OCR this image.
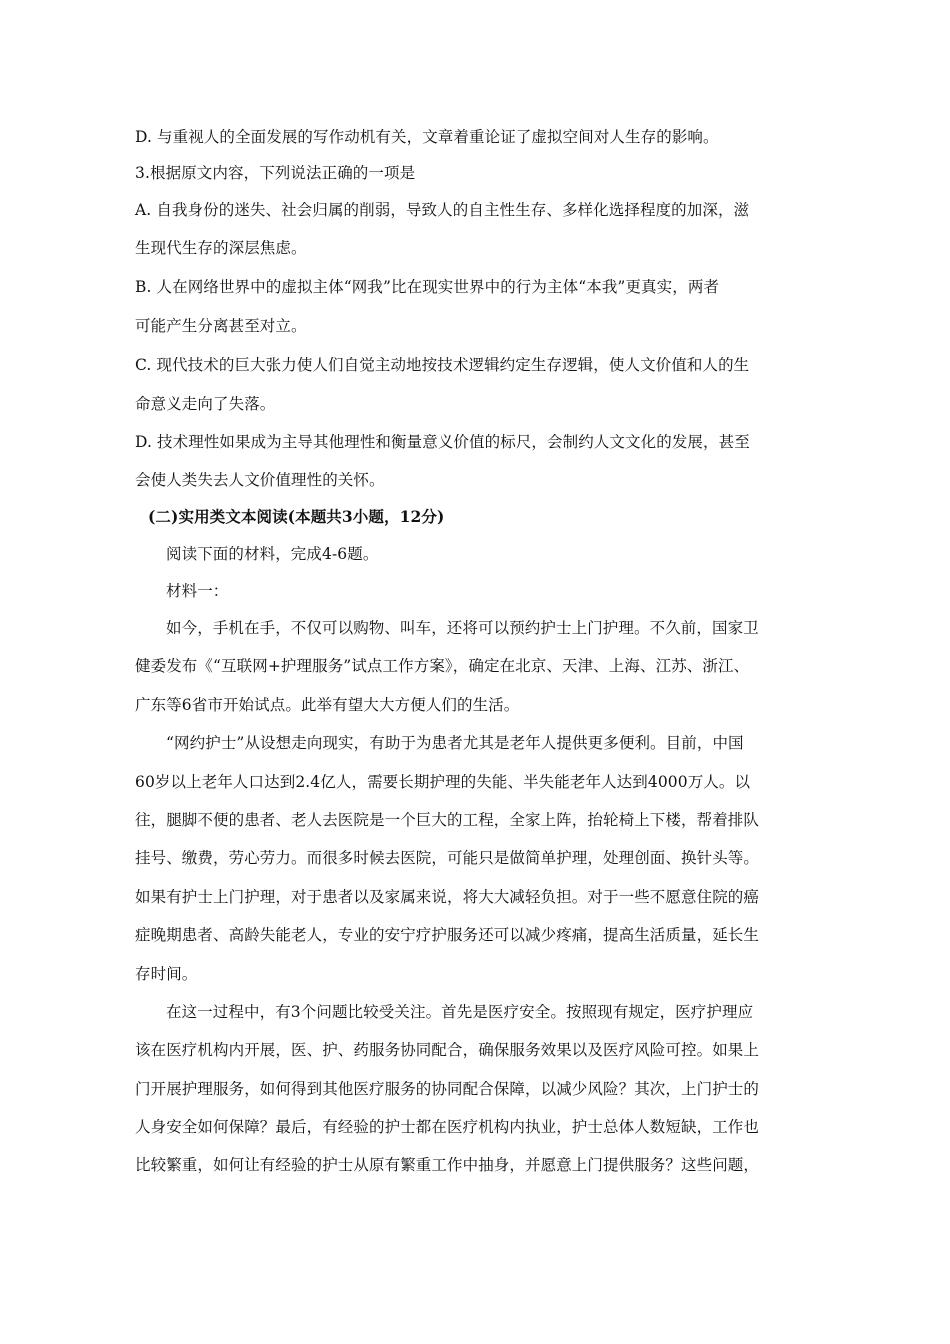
D. 与重视人的全面发展的写作动机有关，文章着重论证了虚拟空间对人生存的影响。
3.根据原文内容，下列说法正确的一项是
A. 自我身份的迷失、社会归属的削弱，导致人的自主性生存、多样化选择程度的加深，滋
生现代生存的深层焦虑。
B. 人在网络世界中的虚拟主体“网我”比在现实世界中的行为主体“本我”更真实，两者
可能产生分离甚至对立。
C. 现代技术的巨大张力使人们自觉主动地按技术逻辑约定生存逻辑，使人文价值和人的生
命意义走向了失落。
D. 技术理性如果成为主导其他理性和衡量意义价值的标尺，会制约人文文化的发展，甚至
会使人类失去人文价值理性的关怀。
(二)实用类文本阅读(本题共3小题，12分)
阅读下面的材料，完成4-6题。
材料一：
如今，手机在手，不仅可以购物、叫车，还将可以预约护士上门护理。不久前，国家卫
健委发布《“互联网+护理服务”试点工作方案》，确定在北京、天津、上海、江苏、浙江、
广东等6省市开始试点。此举有望大大方便人们的生活。
“网约护士”从设想走向现实，有助于为患者尤其是老年人提供更多便利。目前，中国
60岁以上老年人口达到2.4亿人，需要长期护理的失能、半失能老年人达到4000万人。以
往，腿脚不便的患者、老人去医院是一个巨大的工程，全家上阵，抬轮椅上下楼，帮着排队
挂号、缴费，劳心劳力。而很多时候去医院，可能只是做简单护理，处理创面、换针头等。
如果有护士上门护理，对于患者以及家属来说，将大大减轻负担。对于一些不愿意住院的癌
症晚期患者、高龄失能老人，专业的安宁疗护服务还可以减少疼痛，提高生活质量，延长生
存时间。
在这一过程中，有3个问题比较受关注。首先是医疗安全。按照现有规定，医疗护理应
该在医疗机构内开展，医、护、药服务协同配合，确保服务效果以及医疗风险可控。如果上
门开展护理服务，如何得到其他医疗服务的协同配合保障，以减少风险？其次，上门护士的
人身安全如何保障？最后，有经验的护士都在医疗机构内执业，护士总体人数短缺，工作也
比较繁重，如何让有经验的护士从原有繁重工作中抽身，并愿意上门提供服务？这些问题，
